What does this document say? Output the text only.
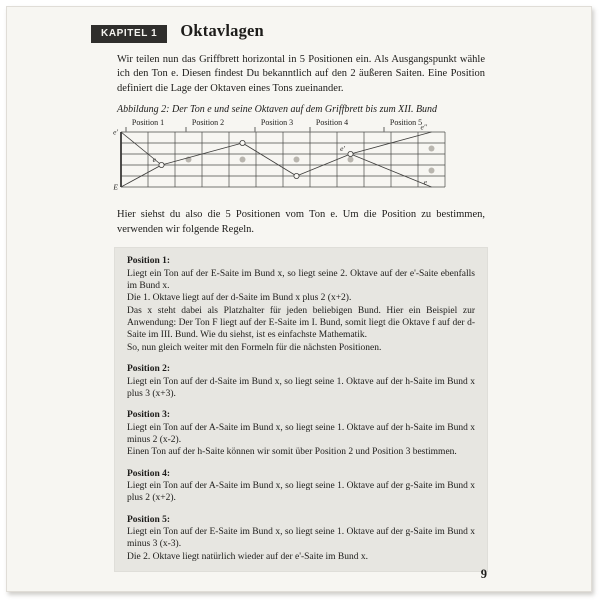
KAPITEL 1	Oktavlagen

Wir teilen nun das Griffbrett horizontal in 5 Positionen ein. Als Ausgangspunkt wähle ich den Ton e. Diesen findest Du bekanntlich auf den 2 äußeren Saiten. Eine Position definiert die Lage der Oktaven eines Tons zueinander.

Abbildung 2: Der Ton e und seine Oktaven auf dem Griffbrett bis zum XII. Bund

Position 1	Position 2	Position 3	Position 4	Position 5
e'
E
e''
e
e
e'

Hier siehst du also die 5 Positionen vom Ton e. Um die Position zu bestimmen, verwenden wir folgende Regeln.

Position 1:

Liegt ein Ton auf der E-Saite im Bund x, so liegt seine 2. Oktave auf der e'-Saite ebenfalls im Bund x.

Die 1. Oktave liegt auf der d-Saite im Bund x plus 2 (x+2).

Das x steht dabei als Platzhalter für jeden beliebigen Bund. Hier ein Beispiel zur Anwendung: Der Ton F liegt auf der E-Saite im I. Bund, somit liegt die Oktave f auf der d-Saite im III. Bund. Wie du siehst, ist es einfachste Mathematik.

So, nun gleich weiter mit den Formeln für die nächsten Positionen.

Position 2:

Liegt ein Ton auf der d-Saite im Bund x, so liegt seine 1. Oktave auf der h-Saite im Bund x plus 3 (x+3).

Position 3:

Liegt ein Ton auf der A-Saite im Bund x, so liegt seine 1. Oktave auf der h-Saite im Bund x minus 2 (x-2).

Einen Ton auf der h-Saite können wir somit über Position 2 und Position 3 bestimmen.

Position 4:

Liegt ein Ton auf der A-Saite im Bund x, so liegt seine 1. Oktave auf der g-Saite im Bund x plus 2 (x+2).

Position 5:

Liegt ein Ton auf der E-Saite im Bund x, so liegt seine 1. Oktave auf der g-Saite im Bund x minus 3 (x-3).

Die 2. Oktave liegt natürlich wieder auf der e'-Saite im Bund x.

9
